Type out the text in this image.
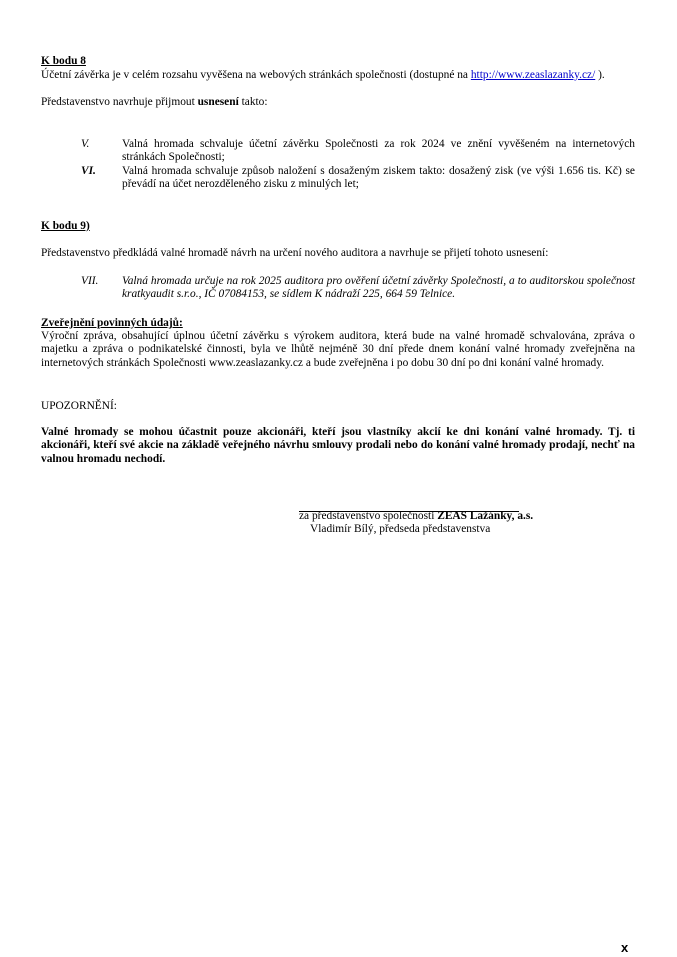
K bodu 8
Účetní závěrka je v celém rozsahu vyvěšena na webových stránkách společnosti (dostupné na http://www.zeaslazanky.cz/ ).
Představenstvo navrhuje přijmout usnesení takto:
V.	Valná hromada schvaluje účetní závěrku Společnosti za rok 2024 ve znění vyvěšeném na internetových stránkách Společnosti;
VI.	Valná hromada schvaluje způsob naložení s dosaženým ziskem takto: dosažený zisk (ve výši 1.656 tis. Kč) se převádí na účet nerozděleného zisku z minulých let;
K bodu 9)
Představenstvo předkládá valné hromadě návrh na určení nového auditora a navrhuje se přijetí tohoto usnesení:
VII.	Valná hromada určuje na rok 2025 auditora pro ověření účetní závěrky Společnosti, a to auditorskou společnost kratkyaudit s.r.o., IČ 07084153, se sídlem K nádraží 225, 664 59 Telnice.
Zveřejnění povinných údajů:
Výroční zpráva, obsahující úplnou účetní závěrku s výrokem auditora, která bude na valné hromadě schvalována, zpráva o majetku a zpráva o podnikatelské činnosti, byla ve lhůtě nejméně 30 dní přede dnem konání valné hromady zveřejněna na internetových stránkách Společnosti www.zeaslazanky.cz a bude zveřejněna i po dobu 30 dní po dni konání valné hromady.
UPOZORNĚNÍ:
Valné hromady se mohou účastnit pouze akcionáři, kteří jsou vlastníky akcií ke dni konání valné hromady. Tj. ti akcionáři, kteří své akcie na základě veřejného návrhu smlouvy prodali nebo do konání valné hromady prodají, nechť na valnou hromadu nechodí.
za představenstvo společnosti ZEAS Lažánky, a.s.
Vladimír Bílý, předseda představenstva
x
